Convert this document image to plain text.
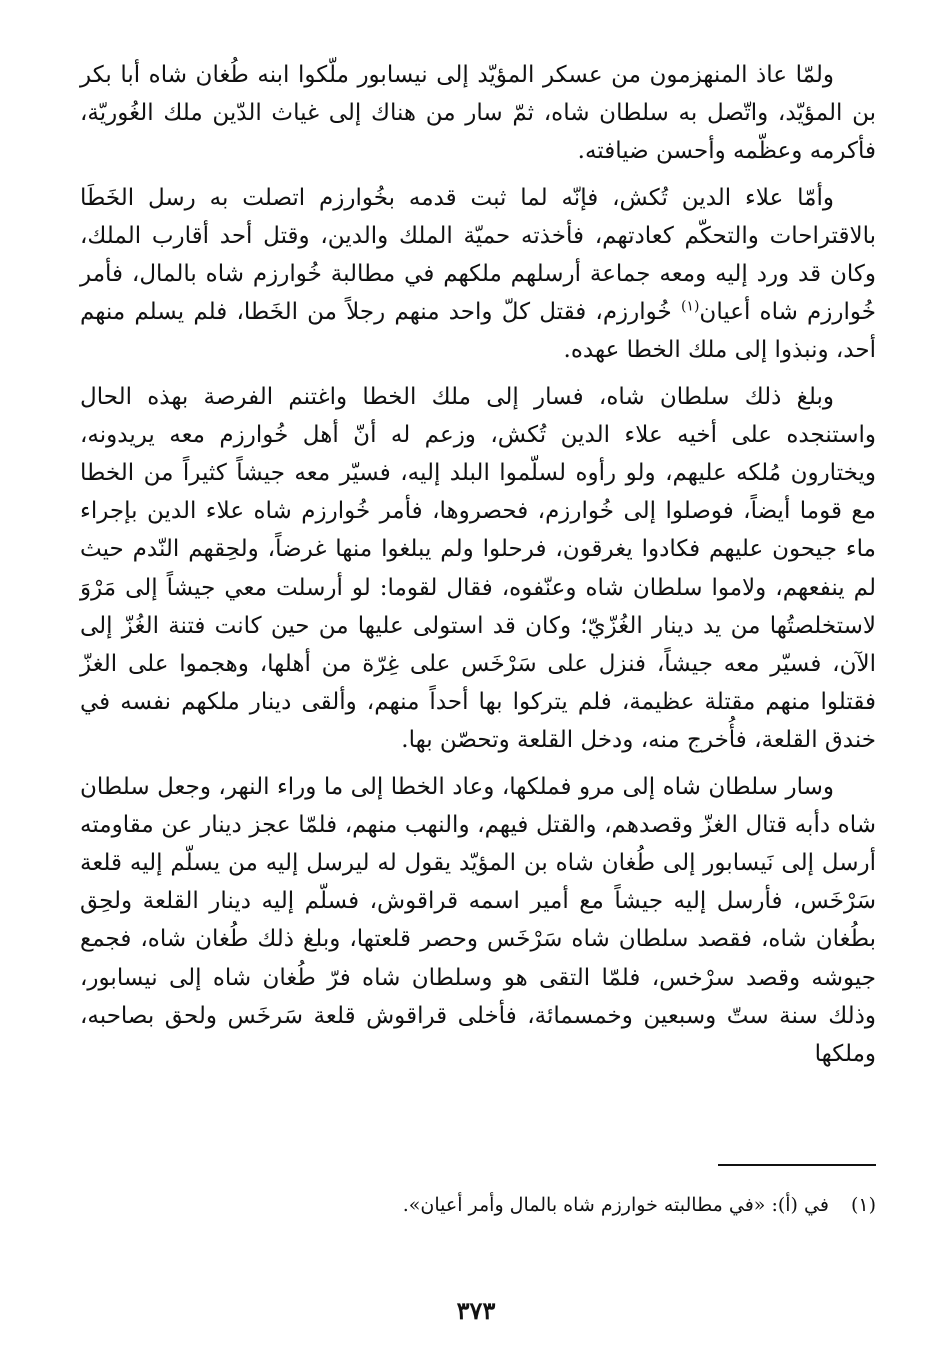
ولمّا عاذ المنهزمون من عسكر المؤيّد إلى نيسابور ملّكوا ابنه طُغان شاه أبا بكر بن المؤيّد، واتّصل به سلطان شاه، ثمّ سار من هناك إلى غياث الدّين ملك الغُوريّة، فأكرمه وعظّمه وأحسن ضيافته.

وأمّا علاء الدين تُكش، فإنّه لما ثبت قدمه بخُوارزم اتصلت به رسل الخَطَا بالاقتراحات والتحكّم كعادتهم، فأخذته حميّة الملك والدين، وقتل أحد أقارب الملك، وكان قد ورد إليه ومعه جماعة أرسلهم ملكهم في مطالبة خُوارزم شاه بالمال، فأمر خُوارزم شاه أعيان$^{(١)}$ خُوارزم، فقتل كلّ واحد منهم رجلاً من الخَطا، فلم يسلم منهم أحد، ونبذوا إلى ملك الخطا عهده.

وبلغ ذلك سلطان شاه، فسار إلى ملك الخطا واغتنم الفرصة بهذه الحال واستنجده على أخيه علاء الدين تُكش، وزعم له أنّ أهل خُوارزم معه يريدونه، ويختارون مُلكه عليهم، ولو رأوه لسلّموا البلد إليه، فسيّر معه جيشاً كثيراً من الخطا مع قوما أيضاً، فوصلوا إلى خُوارزم، فحصروها، فأمر خُوارزم شاه علاء الدين بإجراء ماء جيحون عليهم فكادوا يغرقون، فرحلوا ولم يبلغوا منها غرضاً، ولحِقهم النّدم حيث لم ينفعهم، ولاموا سلطان شاه وعنّفوه، فقال لقوما: لو أرسلت معي جيشاً إلى مَرْوَ لاستخلصتُها من يد دينار الغُزّيّ؛ وكان قد استولى عليها من حين كانت فتنة الغُزّ إلى الآن، فسيّر معه جيشاً، فنزل على سَرْخَس على غِرّة من أهلها، وهجموا على الغزّ فقتلوا منهم مقتلة عظيمة، فلم يتركوا بها أحداً منهم، وألقى دينار ملكهم نفسه في خندق القلعة، فأُخرج منه، ودخل القلعة وتحصّن بها.

وسار سلطان شاه إلى مرو فملكها، وعاد الخطا إلى ما وراء النهر، وجعل سلطان شاه دأبه قتال الغزّ وقصدهم، والقتل فيهم، والنهب منهم، فلمّا عجز دينار عن مقاومته أرسل إلى نَيسابور إلى طُغان شاه بن المؤيّد يقول له ليرسل إليه من يسلّم إليه قلعة سَرْخَس، فأرسل إليه جيشاً مع أمير اسمه قراقوش، فسلّم إليه دينار القلعة ولحِق بطُغان شاه، فقصد سلطان شاه سَرْخَس وحصر قلعتها، وبلغ ذلك طُغان شاه، فجمع جيوشه وقصد سرْخس، فلمّا التقى هو وسلطان شاه فرّ طُغان شاه إلى نيسابور، وذلك سنة ستّ وسبعين وخمسمائة، فأخلى قراقوش قلعة سَرخَس ولحق بصاحبه، وملكها

(١)في (أ): «في مطالبته خوارزم شاه بالمال وأمر أعيان».
٣٧٣
